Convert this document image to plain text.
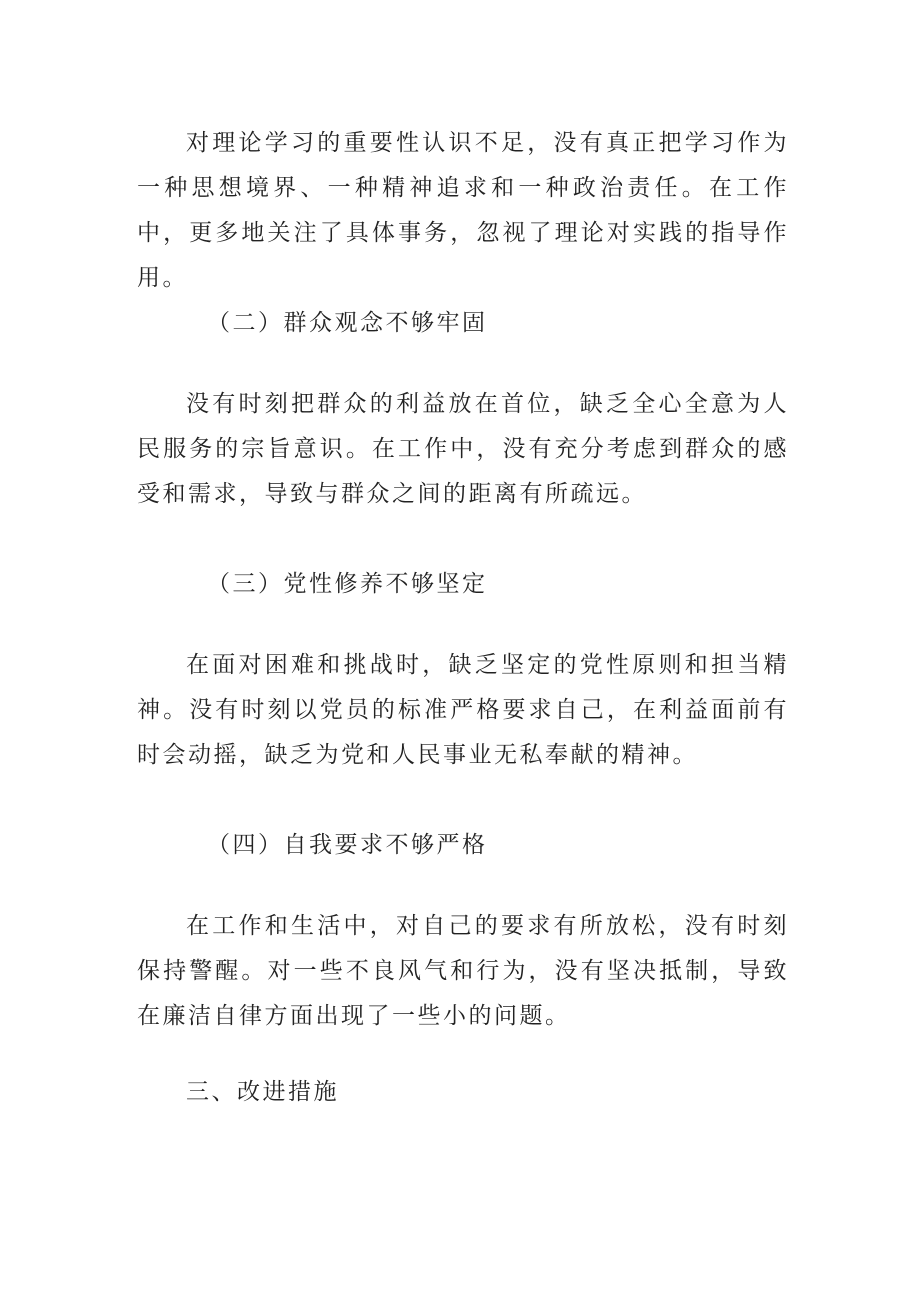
对理论学习的重要性认识不足，没有真正把学习作为一种思想境界、一种精神追求和一种政治责任。在工作中，更多地关注了具体事务，忽视了理论对实践的指导作用。

（二）群众观念不够牢固

没有时刻把群众的利益放在首位，缺乏全心全意为人民服务的宗旨意识。在工作中，没有充分考虑到群众的感受和需求，导致与群众之间的距离有所疏远。

（三）党性修养不够坚定

在面对困难和挑战时，缺乏坚定的党性原则和担当精神。没有时刻以党员的标准严格要求自己，在利益面前有时会动摇，缺乏为党和人民事业无私奉献的精神。

（四）自我要求不够严格

在工作和生活中，对自己的要求有所放松，没有时刻保持警醒。对一些不良风气和行为，没有坚决抵制，导致在廉洁自律方面出现了一些小的问题。

三、改进措施
